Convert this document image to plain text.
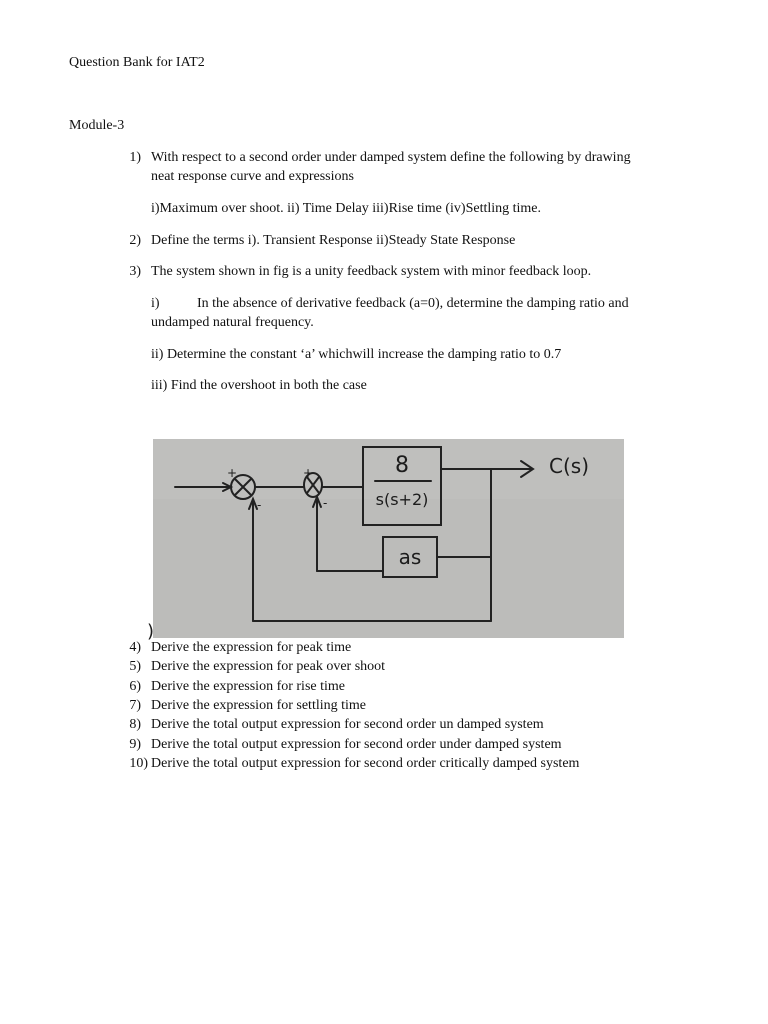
Question Bank for IAT2
Module-3
1) With respect to a second order under damped system define the following by drawing
neat response curve and expressions
i)Maximum over shoot. ii) Time Delay iii)Rise time (iv)Settling time.
2) Define the terms i). Transient Response ii)Steady State Response
3) The system shown in fig is a unity feedback system with minor feedback loop.
i)	In the absence of derivative feedback (a=0), determine the damping ratio and
undamped natural frequency.
ii) Determine the constant ‘a’ whichwill increase the damping ratio to 0.7
iii) Find the overshoot in both the case
+
-
+
-
)
8
s(s+2)
as
C(s)
4) Derive the expression for peak time
5) Derive the expression for peak over shoot
6) Derive the expression for rise time
7) Derive the expression for settling time
8) Derive the total output expression for second order un damped system
9) Derive the total output expression for second order under damped system
10) Derive the total output expression for second order critically damped system
